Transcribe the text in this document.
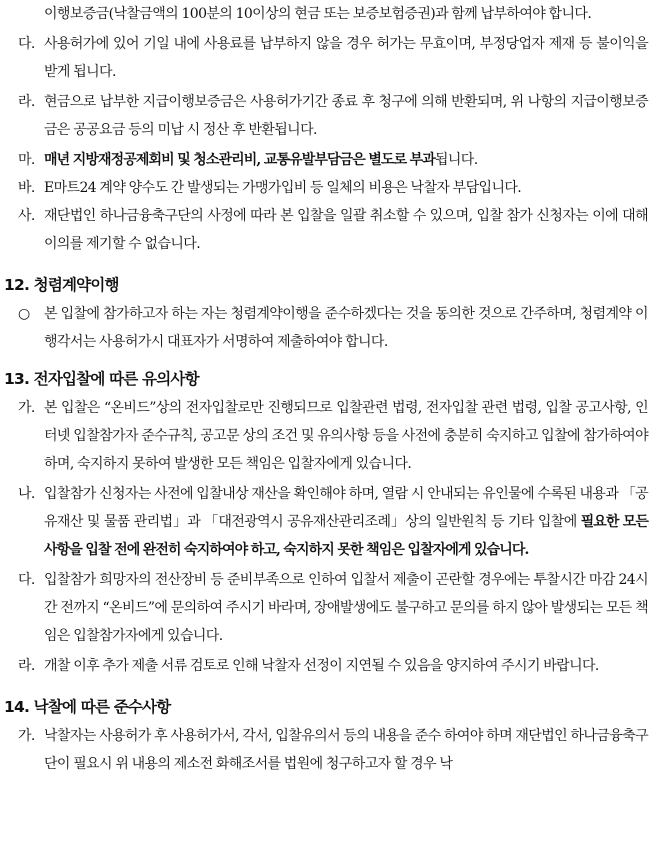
이행보증금(낙찰금액의 100분의 10이상의 현금 또는 보증보험증권)과 함께 납부하여야 합니다.
다. 사용허가에 있어 기일 내에 사용료를 납부하지 않을 경우 허가는 무효이며, 부정당업자 제재 등 불이익을 받게 됩니다.
라. 현금으로 납부한 지급이행보증금은 사용허가기간 종료 후 청구에 의해 반환되며, 위 나항의 지급이행보증금은 공공요금 등의 미납 시 정산 후 반환됩니다.
마. 매년 지방재정공제회비 및 청소관리비, 교통유발부담금은 별도로 부과됩니다.
바. E마트24 계약 양수도 간 발생되는 가맹가입비 등 일체의 비용은 낙찰자 부담입니다.
사. 재단법인 하나금융축구단의 사정에 따라 본 입찰을 일괄 취소할 수 있으며, 입찰 참가 신청자는 이에 대해 이의를 제기할 수 없습니다.
12. 청렴계약이행
○	본 입찰에 참가하고자 하는 자는 청렴계약이행을 준수하겠다는 것을 동의한 것으로 간주하며, 청렴계약 이행각서는 사용허가시 대표자가 서명하여 제출하여야 합니다.
13. 전자입찰에 따른 유의사항
가. 본 입찰은 “온비드”상의 전자입찰로만 진행되므로 입찰관련 법령, 전자입찰 관련 법령, 입찰 공고사항, 인터넷 입찰참가자 준수규칙, 공고문 상의 조건 및 유의사항 등을 사전에 충분히 숙지하고 입찰에 참가하여야 하며, 숙지하지 못하여 발생한 모든 책임은 입찰자에게 있습니다.
나. 입찰참가 신청자는 사전에 입찰내상 재산을 확인해야 하며, 열람 시 안내되는 유인물에 수록된 내용과 「공유재산 및 물품 관리법」과 「대전광역시 공유재산관리조례」상의 일반원칙 등 기타 입찰에 필요한 모든 사항을 입찰 전에 완전히 숙지하여야 하고, 숙지하지 못한 책임은 입찰자에게 있습니다.
다. 입찰참가 희망자의 전산장비 등 준비부족으로 인하여 입찰서 제출이 곤란할 경우에는 투찰시간 마감 24시간 전까지 “온비드”에 문의하여 주시기 바라며, 장애발생에도 불구하고 문의를 하지 않아 발생되는 모든 책임은 입찰참가자에게 있습니다.
라. 개찰 이후 추가 제출 서류 검토로 인해 낙찰자 선정이 지연될 수 있음을 양지하여 주시기 바랍니다.
14. 낙찰에 따른 준수사항
가. 낙찰자는 사용허가 후 사용허가서, 각서, 입찰유의서 등의 내용을 준수 하여야 하며 재단법인 하나금융축구단이 필요시 위 내용의 제소전 화해조서를 법원에 청구하고자 할 경우 낙
